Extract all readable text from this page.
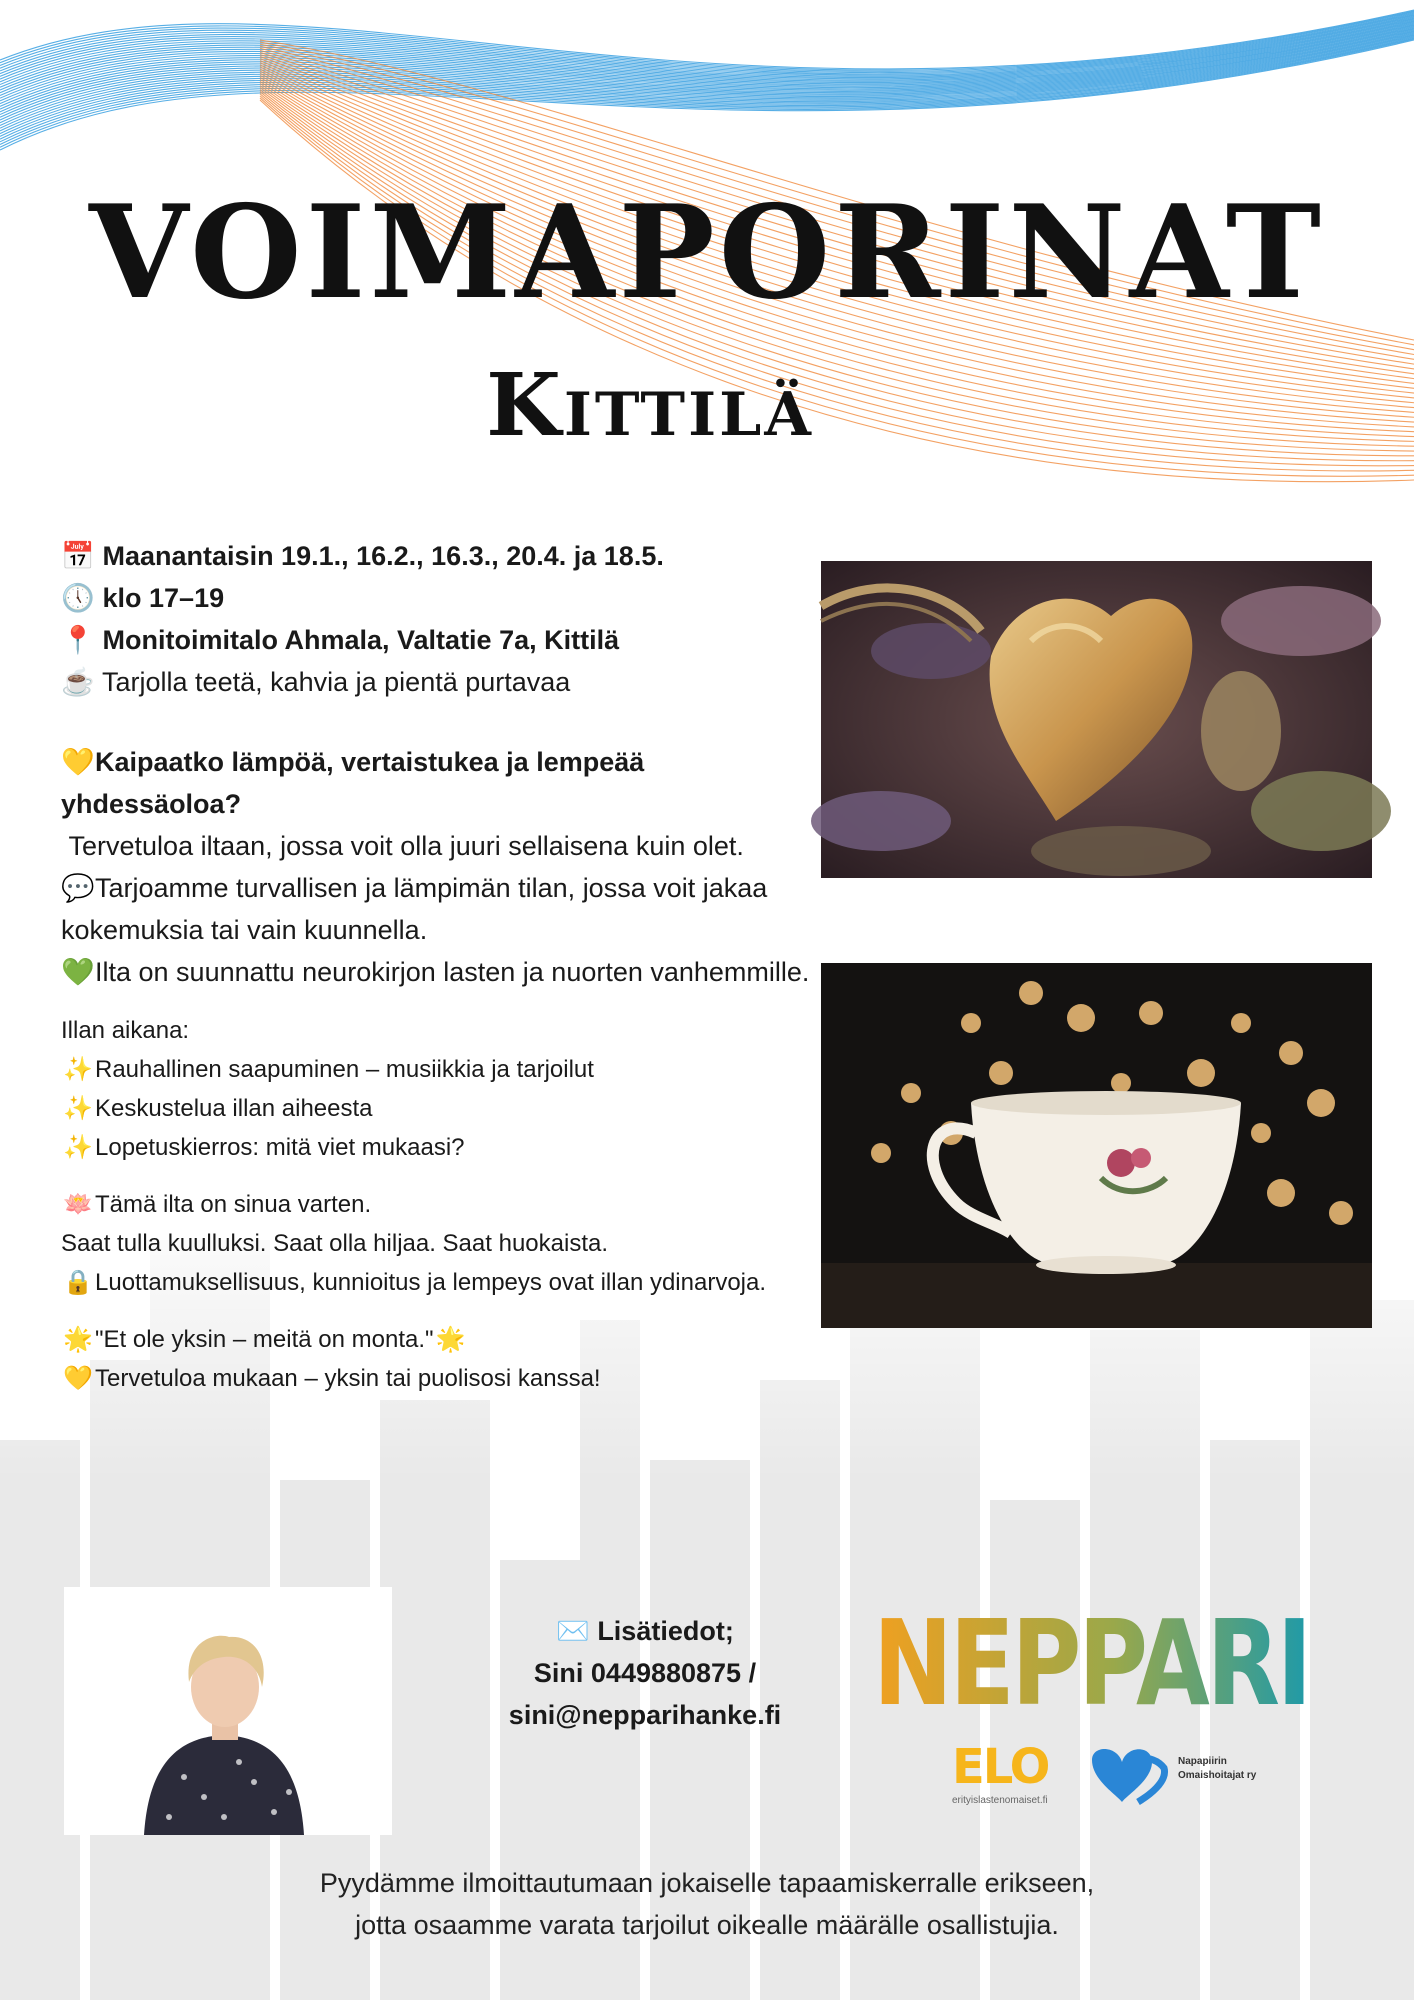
VOIMAPORINAT
Kittilä
📅 Maanantaisin 19.1., 16.2., 16.3., 20.4. ja 18.5.
🕔 klo 17–19
📍 Monitoimitalo Ahmala, Valtatie 7a, Kittilä
☕ Tarjolla teetä, kahvia ja pientä purtavaa
💛Kaipaatko lämpöä, vertaistukea ja lempeää yhdessäoloa?
Tervetuloa iltaan, jossa voit olla juuri sellaisena kuin olet.
💬Tarjoamme turvallisen ja lämpimän tilan, jossa voit jakaa kokemuksia tai vain kuunnella.
💚Ilta on suunnattu neurokirjon lasten ja nuorten vanhemmille.
Illan aikana:
✨Rauhallinen saapuminen – musiikkia ja tarjoilut
✨Keskustelua illan aiheesta
✨Lopetuskierros: mitä viet mukaasi?
🪷Tämä ilta on sinua varten.
Saat tulla kuulluksi. Saat olla hiljaa. Saat huokaista.
🔒Luottamuksellisuus, kunnioitus ja lempeys ovat illan ydinarvoja.
🌟"Et ole yksin – meitä on monta."🌟
💛Tervetuloa mukaan – yksin tai puolisosi kanssa!
✉️ Lisätiedot;
Sini 0449880875 /
sini@nepparihanke.fi NEPPARI
ELO
erityislastenomaiset.fi
Napapiirin
Omaishoitajat ry
Pyydämme ilmoittautumaan jokaiselle tapaamiskerralle erikseen,
jotta osaamme varata tarjoilut oikealle määrälle osallistujia.
